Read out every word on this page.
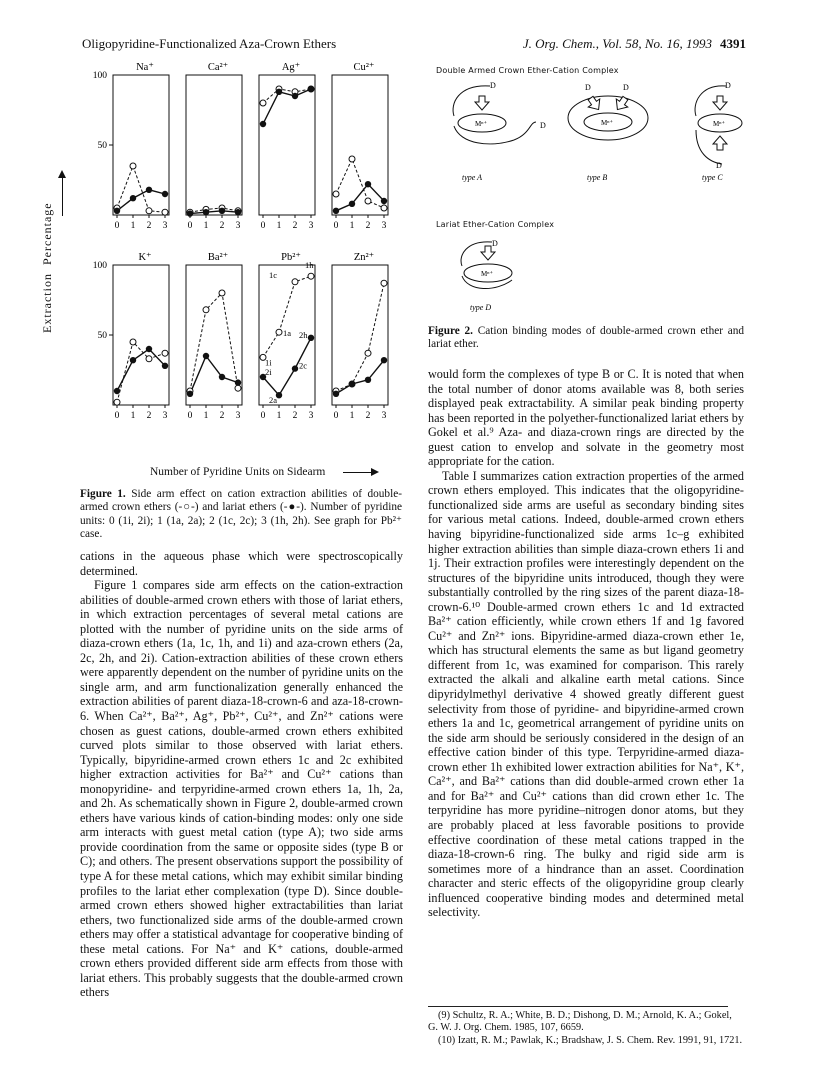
Oligopyridine-Functionalized Aza-Crown Ethers	J. Org. Chem., Vol. 58, No. 16, 1993 4391
100
50
Na⁺
0 1 2 3
Ca²⁺
0 1 2 3
Ag⁺
0 1 2 3
Cu²⁺
0 1 2 3
100
50
K⁺
0 1 2 3
Ba²⁺
0 1 2 3
Pb²⁺
0 1 2 3
1c
1h
1a 2h
2c
1i
2i
2a
Zn²⁺
0 1 2 3
Extraction
Percentage
Number of Pyridine Units on Sidearm

Figure 1. Side arm effect on cation extraction abilities of double-armed crown ethers (-○-) and lariat ethers (-●-). Number of pyridine units: 0 (1i, 2i); 1 (1a, 2a); 2 (1c, 2c); 3 (1h, 2h). See graph for Pb²⁺ case.

cations in the aqueous phase which were spectroscopically determined.

Figure 1 compares side arm effects on the cation-extraction abilities of double-armed crown ethers with those of lariat ethers, in which extraction percentages of several metal cations are plotted with the number of pyridine units on the side arms of diaza-crown ethers (1a, 1c, 1h, and 1i) and aza-crown ethers (2a, 2c, 2h, and 2i). Cation-extraction abilities of these crown ethers were apparently dependent on the number of pyridine units on the single arm, and arm functionalization generally enhanced the extraction abilities of parent diaza-18-crown-6 and aza-18-crown-6. When Ca²⁺, Ba²⁺, Ag⁺, Pb²⁺, Cu²⁺, and Zn²⁺ cations were chosen as guest cations, double-armed crown ethers exhibited curved plots similar to those observed with lariat ethers. Typically, bipyridine-armed crown ethers 1c and 2c exhibited higher extraction activities for Ba²⁺ and Cu²⁺ cations than monopyridine- and terpyridine-armed crown ethers 1a, 1h, 2a, and 2h. As schematically shown in Figure 2, double-armed crown ethers have various kinds of cation-binding modes: only one side arm interacts with guest metal cation (type A); two side arms provide coordination from the same or opposite sides (type B or C); and others. The present observations support the possibility of type A for these metal cations, which may exhibit similar binding profiles to the lariat ether complexation (type D). Since double-armed crown ethers showed higher extractabilities than lariat ethers, two functionalized side arms of the double-armed crown ethers may offer a statistical advantage for cooperative binding of these metal cations. For Na⁺ and K⁺ cations, double-armed crown ethers provided different side arm effects from those with lariat ethers. This probably suggests that the double-armed crown ethers

Double Armed Crown Ether-Cation Complex
Lariat Ether-Cation Complex
D
Mⁿ⁺	D
type A
D	D
Mⁿ⁺
type B
D
Mⁿ⁺
D
type C
D
Mⁿ⁺
type D

Figure 2. Cation binding modes of double-armed crown ether and lariat ether.

would form the complexes of type B or C. It is noted that when the total number of donor atoms available was 8, both series displayed peak extractability. A similar peak binding property has been reported in the polyether-functionalized lariat ethers by Gokel et al.⁹ Aza- and diaza-crown rings are directed by the guest cation to envelop and solvate in the geometry most appropriate for the cation.

Table I summarizes cation extraction properties of the armed crown ethers employed. This indicates that the oligopyridine-functionalized side arms are useful as secondary binding sites for various metal cations. Indeed, double-armed crown ethers having bipyridine-functionalized side arms 1c–g exhibited higher extraction abilities than simple diaza-crown ethers 1i and 1j. Their extraction profiles were interestingly dependent on the structures of the bipyridine units introduced, though they were substantially controlled by the ring sizes of the parent diaza-18-crown-6.¹⁰ Double-armed crown ethers 1c and 1d extracted Ba²⁺ cation efficiently, while crown ethers 1f and 1g favored Cu²⁺ and Zn²⁺ ions. Bipyridine-armed diaza-crown ether 1e, which has structural elements the same as but ligand geometry different from 1c, was examined for comparison. This rarely extracted the alkali and alkaline earth metal cations. Since dipyridylmethyl derivative 4 showed greatly different guest selectivity from those of pyridine- and bipyridine-armed crown ethers 1a and 1c, geometrical arrangement of pyridine units on the side arm should be seriously considered in the design of an effective cation binder of this type. Terpyridine-armed diaza-crown ether 1h exhibited lower extraction abilities for Na⁺, K⁺, Ca²⁺, and Ba²⁺ cations than did double-armed crown ether 1a and for Ba²⁺ and Cu²⁺ cations than did crown ether 1c. The terpyridine has more pyridine–nitrogen donor atoms, but they are probably placed at less favorable positions to provide effective coordination of these metal cations trapped in the diaza-18-crown-6 ring. The bulky and rigid side arm is sometimes more of a hindrance than an asset. Coordination character and steric effects of the oligopyridine group clearly influenced cooperative binding modes and determined metal selectivity.

(9) Schultz, R. A.; White, B. D.; Dishong, D. M.; Arnold, K. A.; Gokel, G. W. J. Org. Chem. 1985, 107, 6659.

(10) Izatt, R. M.; Pawlak, K.; Bradshaw, J. S. Chem. Rev. 1991, 91, 1721.
